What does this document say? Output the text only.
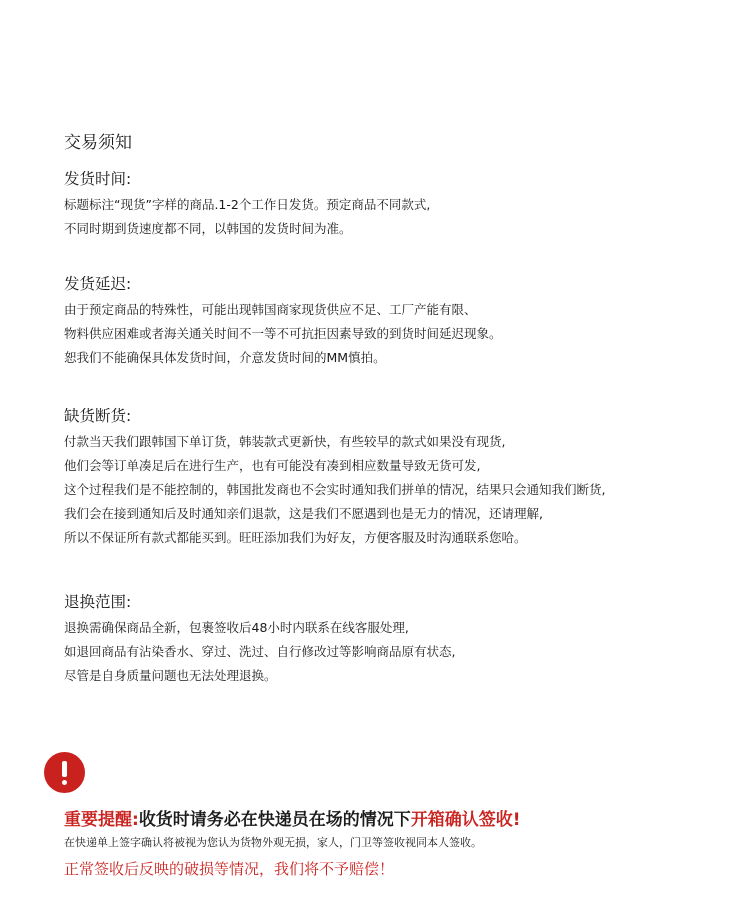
交易须知

发货时间:

标题标注“现货”字样的商品.1-2个工作日发货。预定商品不同款式,

不同时期到货速度都不同，以韩国的发货时间为准。

发货延迟:

由于预定商品的特殊性，可能出现韩国商家现货供应不足、工厂产能有限、

物料供应困难或者海关通关时间不一等不可抗拒因素导致的到货时间延迟现象。

恕我们不能确保具体发货时间，介意发货时间的MM慎拍。

缺货断货:

付款当天我们跟韩国下单订货，韩装款式更新快，有些较早的款式如果没有现货,

他们会等订单凑足后在进行生产，也有可能没有凑到相应数量导致无货可发,

这个过程我们是不能控制的，韩国批发商也不会实时通知我们拼单的情况，结果只会通知我们断货,

我们会在接到通知后及时通知亲们退款，这是我们不愿遇到也是无力的情况，还请理解,

所以不保证所有款式都能买到。旺旺添加我们为好友，方便客服及时沟通联系您哈。

退换范围:

退换需确保商品全新，包裹签收后48小时内联系在线客服处理,

如退回商品有沾染香水、穿过、洗过、自行修改过等影响商品原有状态,

尽管是自身质量问题也无法处理退换。

重要提醒:收货时请务必在快递员在场的情况下开箱确认签收!

在快递单上签字确认将被视为您认为货物外观无损，家人，门卫等签收视同本人签收。

正常签收后反映的破损等情况，我们将不予赔偿！
